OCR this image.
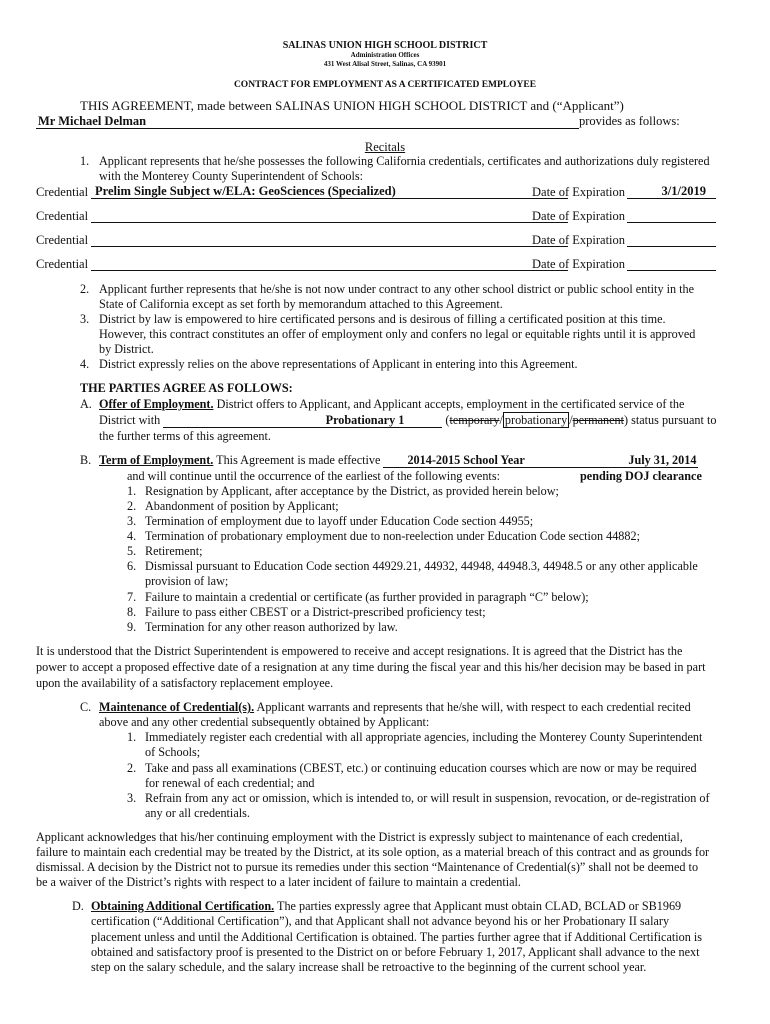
SALINAS UNION HIGH SCHOOL DISTRICT
Administration Offices
431 West Alisal Street, Salinas, CA 93901
CONTRACT FOR EMPLOYMENT AS A CERTIFICATED EMPLOYEE
THIS AGREEMENT, made between SALINAS UNION HIGH SCHOOL DISTRICT and (“Applicant”)
Mr Michael Delman	provides as follows:
Recitals
1. Applicant represents that he/she possesses the following California credentials, certificates and authorizations duly registered
with the Monterey County Superintendent of Schools:
Credential Prelim Single Subject w/ELA: GeoSciences (Specialized)	Date of Expiration	3/1/2019
Credential	Date of Expiration
Credential	Date of Expiration
Credential	Date of Expiration
2. Applicant further represents that he/she is not now under contract to any other school district or public school entity in the
State of California except as set forth by memorandum attached to this Agreement.
3. District by law is empowered to hire certificated persons and is desirous of filling a certificated position at this time.
However, this contract constitutes an offer of employment only and confers no legal or equitable rights until it is approved
by District.
4. District expressly relies on the above representations of Applicant in entering into this Agreement.
THE PARTIES AGREE AS FOLLOWS:
A. Offer of Employment. District offers to Applicant, and Applicant accepts, employment in the certificated service of the
District with	Probationary 1	(temporary/ probationary /permanent) status pursuant to
the further terms of this agreement.
B. Term of Employment. This Agreement is made effective 2014-2015 School Year	July 31, 2014
and will continue until the occurrence of the earliest of the following events:	pending DOJ clearance
1. Resignation by Applicant, after acceptance by the District, as provided herein below;
2. Abandonment of position by Applicant;
3. Termination of employment due to layoff under Education Code section 44955;
4. Termination of probationary employment due to non-reelection under Education Code section 44882;
5. Retirement;
6. Dismissal pursuant to Education Code section 44929.21, 44932, 44948, 44948.3, 44948.5 or any other applicable
provision of law;
7. Failure to maintain a credential or certificate (as further provided in paragraph “C” below);
8. Failure to pass either CBEST or a District-prescribed proficiency test;
9. Termination for any other reason authorized by law.
It is understood that the District Superintendent is empowered to receive and accept resignations. It is agreed that the District has the
power to accept a proposed effective date of a resignation at any time during the fiscal year and this his/her decision may be based in part
upon the availability of a satisfactory replacement employee.
C. Maintenance of Credential(s). Applicant warrants and represents that he/she will, with respect to each credential recited
above and any other credential subsequently obtained by Applicant:
1. Immediately register each credential with all appropriate agencies, including the Monterey County Superintendent
of Schools;
2. Take and pass all examinations (CBEST, etc.) or continuing education courses which are now or may be required
for renewal of each credential; and
3. Refrain from any act or omission, which is intended to, or will result in suspension, revocation, or de-registration of
any or all credentials.
Applicant acknowledges that his/her continuing employment with the District is expressly subject to maintenance of each credential,
failure to maintain each credential may be treated by the District, at its sole option, as a material breach of this contract and as grounds for
dismissal. A decision by the District not to pursue its remedies under this section “Maintenance of Credential(s)” shall not be deemed to
be a waiver of the District’s rights with respect to a later incident of failure to maintain a credential.
D. Obtaining Additional Certification. The parties expressly agree that Applicant must obtain CLAD, BCLAD or SB1969
certification (“Additional Certification”), and that Applicant shall not advance beyond his or her Probationary II salary
placement unless and until the Additional Certification is obtained. The parties further agree that if Additional Certification is
obtained and satisfactory proof is presented to the District on or before February 1, 2017, Applicant shall advance to the next
step on the salary schedule, and the salary increase shall be retroactive to the beginning of the current school year.
